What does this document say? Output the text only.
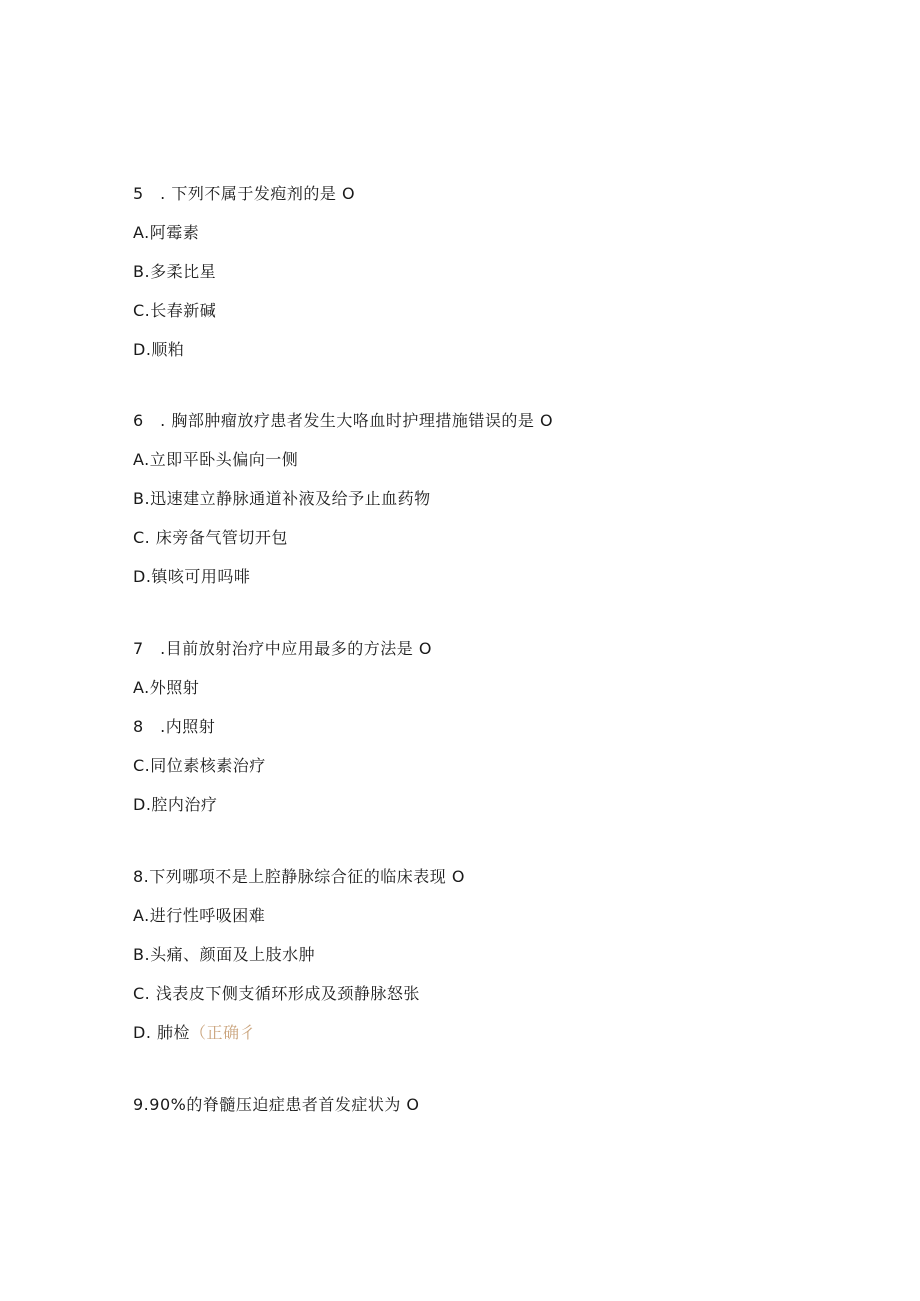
5　. 下列不属于发疱剂的是 O
A.阿霉素
B.多柔比星
C.长春新碱
D.顺粕
6　. 胸部肿瘤放疗患者发生大咯血时护理措施错误的是 O
A.立即平卧头偏向一侧
B.迅速建立静脉通道补液及给予止血药物
C. 床旁备气管切开包
D.镇咳可用吗啡
7　.目前放射治疗中应用最多的方法是 O
A.外照射
8　.内照射
C.同位素核素治疗
D.腔内治疗
8.下列哪项不是上腔静脉综合征的临床表现 O
A.进行性呼吸困难
B.头痛、颜面及上肢水肿
C. 浅表皮下侧支循环形成及颈静脉怒张
D. 肺检（正确彳
9.90%的脊髓压迫症患者首发症状为 O
